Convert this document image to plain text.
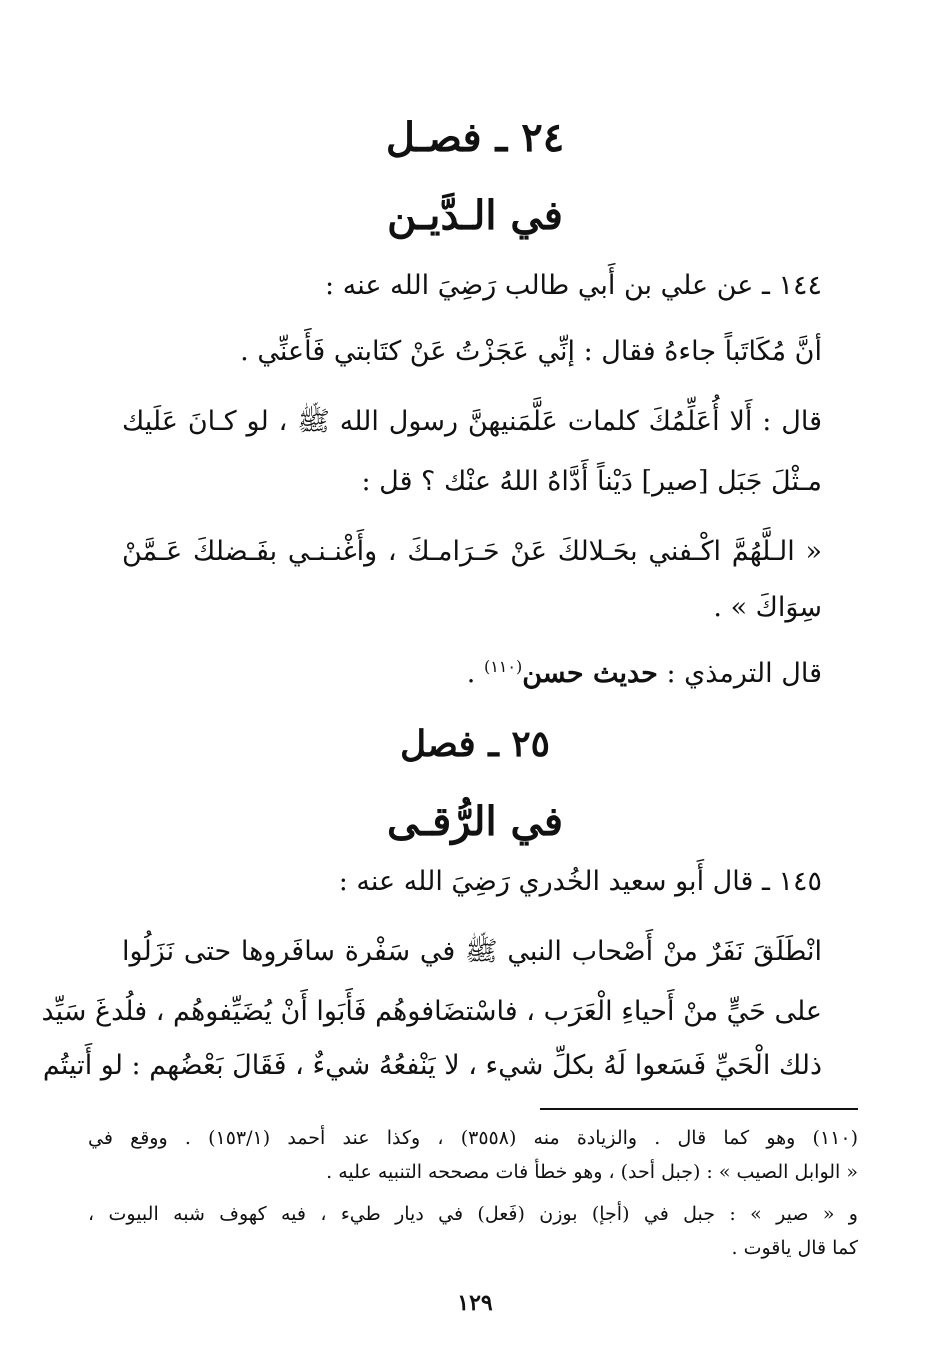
٢٤ ـ فصـل
في الـدَّيـن
١٤٤ ـ عن علي بن أَبي طالب رَضِيَ الله عنه :
أنَّ مُكَاتَباً جاءهُ فقال : إنِّي عَجَزْتُ عَنْ كتَابتي فَأَعنِّي .
قال : أَلا أُعَلِّمُكَ كلمات عَلَّمَنيهنَّ رسول الله ﷺ ، لو كـانَ عَلَيك
مـثْلَ جَبَل [صير] دَيْناً أَدَّاهُ اللهُ عنْك ؟ قل :
« الـلَّهُمَّ اكْـفني بحَـلالكَ عَنْ حَـرَامـكَ ، وأَغْنـنـي بفَـضلكَ عَـمَّنْ
سِوَاكَ » .
قال الترمذي : حديث حسن$^{(١١٠)}$ .
٢٥ ـ فصل
في الرُّقـى
١٤٥ ـ قال أَبو سعيد الخُدري رَضِيَ الله عنه :
انْطَلَقَ نَفَرٌ منْ أَصْحاب النبي ﷺ في سَفْرة سافَروها حتى نَزَلُوا
على حَيٍّ منْ أَحياءِ الْعَرَب ، فاسْتضَافوهُم فَأَبَوا أَنْ يُضَيِّفوهُم ، فلُدغَ سَيِّد
ذلك الْحَيِّ فَسَعوا لَهُ بكلِّ شيء ، لا يَنْفعُهُ شيءٌ ، فَقَالَ بَعْضُهم : لو أَتيتُم
(١١٠) وهو كما قال . والزيادة منه (٣٥٥٨) ، وكذا عند أحمد (١٥٣/١) . ووقع في
« الوابل الصيب » : (جبل أحد) ، وهو خطأ فات مصححه التنبيه عليه .
و « صير » : جبل في (أجإ) بوزن (فَعل) في ديار طيء ، فيه كهوف شبه البيوت ،
كما قال ياقوت .
١٢٩
